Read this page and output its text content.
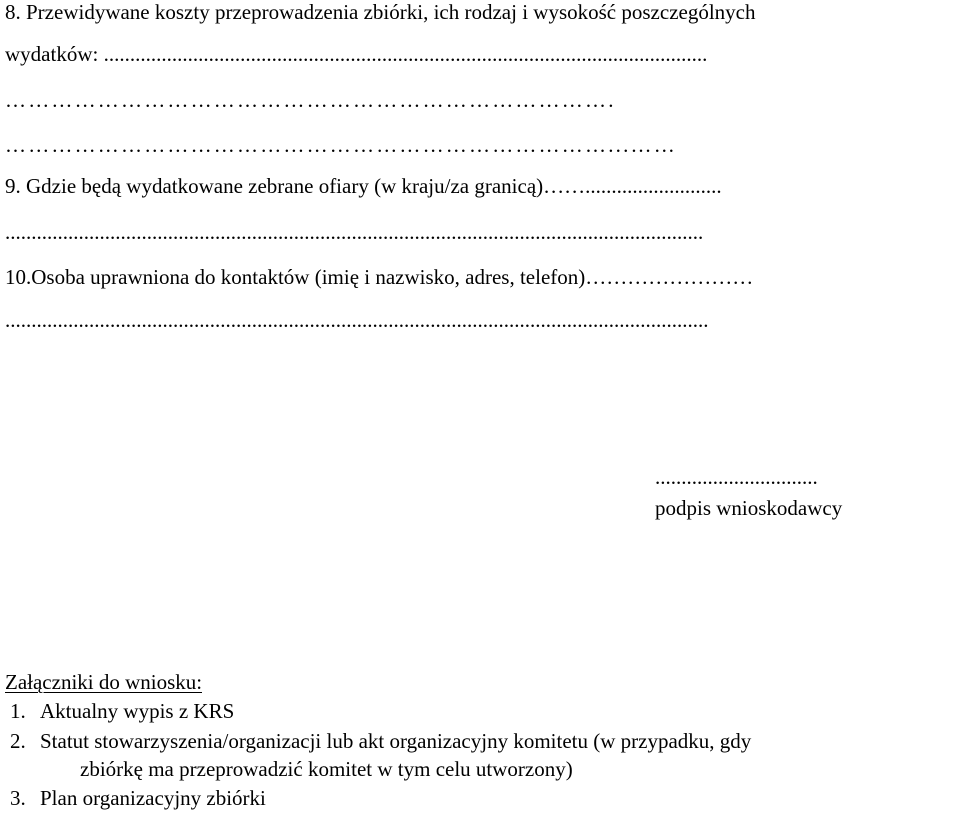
8. Przewidywane koszty przeprowadzenia zbiórki, ich rodzaj i wysokość poszczególnych
wydatków: ...................................................................................................................
…………………………………………………………………….
……………………………………………………………………...……
9. Gdzie będą wydatkowane zebrane ofiary (w kraju/za granicą)……..........................
.....................................................................................................................................
10.Osoba uprawniona do kontaktów (imię i nazwisko, adres, telefon)……………………
......................................................................................................................................
...............................
podpis wnioskodawcy
Załączniki do wniosku:
1. Aktualny wypis z KRS
2. Statut stowarzyszenia/organizacji lub akt organizacyjny komitetu (w przypadku, gdy
zbiórkę ma przeprowadzić komitet w tym celu utworzony)
3. Plan organizacyjny zbiórki
